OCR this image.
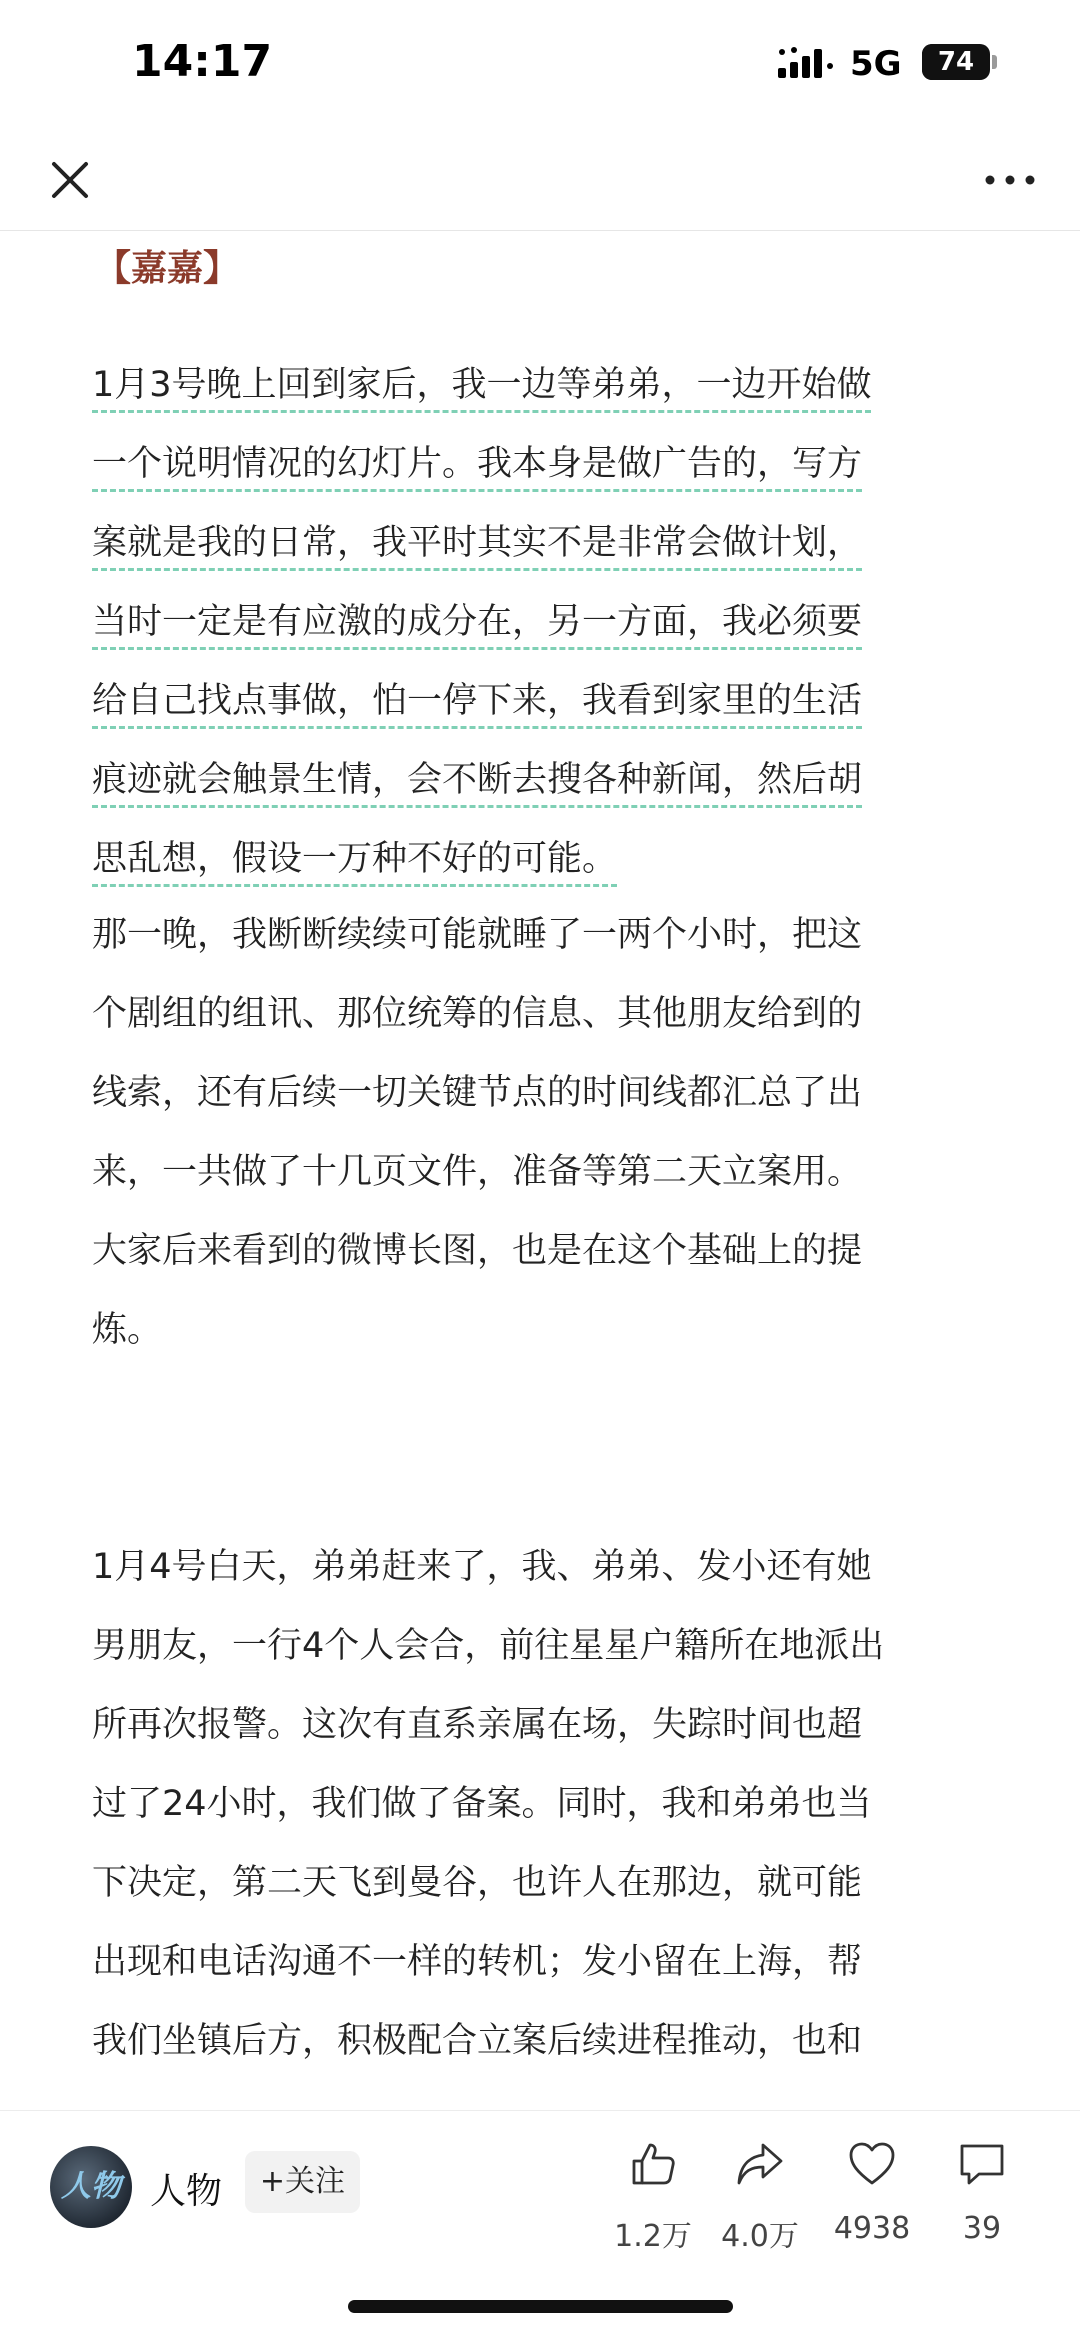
14:17	5G	74
【嘉嘉】

1月3号晚上回到家后，我一边等弟弟，一边开始做
一个说明情况的幻灯片。我本身是做广告的，写方
案就是我的日常，我平时其实不是非常会做计划，
当时一定是有应激的成分在，另一方面，我必须要
给自己找点事做，怕一停下来，我看到家里的生活
痕迹就会触景生情，会不断去搜各种新闻，然后胡
思乱想，假设一万种不好的可能。

那一晚，我断断续续可能就睡了一两个小时，把这
个剧组的组讯、那位统筹的信息、其他朋友给到的
线索，还有后续一切关键节点的时间线都汇总了出
来，一共做了十几页文件，准备等第二天立案用。
大家后来看到的微博长图，也是在这个基础上的提
炼。

1月4号白天，弟弟赶来了，我、弟弟、发小还有她
男朋友，一行4个人会合，前往星星户籍所在地派出
所再次报警。这次有直系亲属在场，失踪时间也超
过了24小时，我们做了备案。同时，我和弟弟也当
下决定，第二天飞到曼谷，也许人在那边，就可能
出现和电话沟通不一样的转机；发小留在上海，帮
我们坐镇后方，积极配合立案后续进程推动，也和

人物 人物	+关注
1.2万 4.0万	4938	39
